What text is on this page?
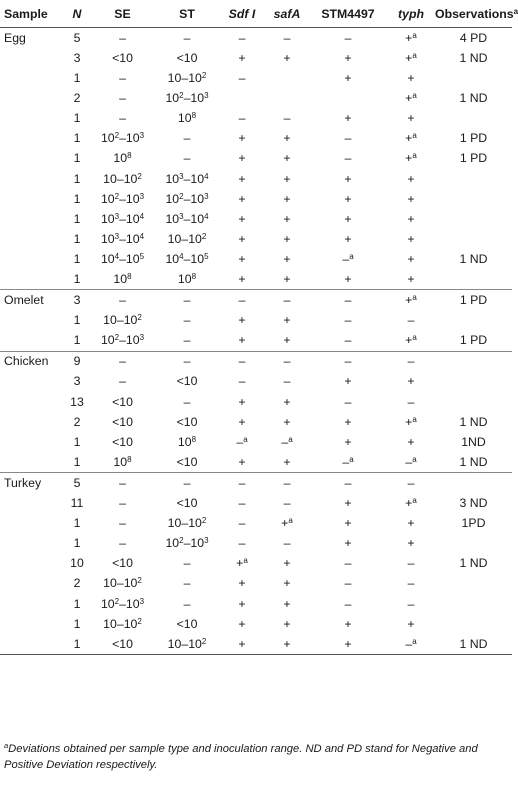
Sample	N	SE	ST	Sdf I	safA	STM4497	typh	Observations$^a$
Egg	5	–	–	–	–	–	+$^a$	4 PD
	3	<10	<10	+	+	+	+$^a$	1 ND
	1	–	$10-10^2$	–		+	+	
	2	–	$10^2-10^3$				+$^a$	1 ND
	1	–	$10^8$	–	–	+	+	
	1	$10^2-10^3$	–	+	+	–	+$^a$	1 PD
	1	$10^8$	–	+	+	–	+$^a$	1 PD
	1	$10-10^2$	$10^3-10^4$	+	+	+	+	
	1	$10^2-10^3$	$10^2-10^3$	+	+	+	+	
	1	$10^3-10^4$	$10^3-10^4$	+	+	+	+	
	1	$10^3-10^4$	$10-10^2$	+	+	+	+	
	1	$10^4-10^5$	$10^4-10^5$	+	+	–$^a$	+	1 ND
	1	$10^8$	$10^8$	+	+	+	+	
Omelet	3	–	–	–	–	–	+$^a$	1 PD
	1	$10-10^2$	–	+	+	–	–	
	1	$10^2-10^3$	–	+	+	–	+$^a$	1 PD
Chicken	9	–	–	–	–	–	–	
	3	–	<10	–	–	+	+	
	13	<10	–	+	+	–	–	
	2	<10	<10	+	+	+	+$^a$	1 ND
	1	<10	$10^8$	–$^a$	–$^a$	+	+	1ND
	1	$10^8$	<10	+	+	–$^a$	–$^a$	1 ND
Turkey	5	–	–	–	–	–	–	
	11	–	<10	–	–	+	+$^a$	3 ND
	1	–	$10-10^2$	–	+$^a$	+	+	1PD
	1	–	$10^2-10^3$	–	–	+	+	
	10	<10	–	+$^a$	+	–	–	1 ND
	2	$10-10^2$	–	+	+	–	–	
	1	$10^2-10^3$	–	+	+	–	–	
	1	$10-10^2$	<10	+	+	+	+	
	1	<10	$10-10^2$	+	+	+	–$^a$	1 ND
$^a$Deviations obtained per sample type and inoculation range. ND and PD stand for Negative and Positive Deviation respectively.
